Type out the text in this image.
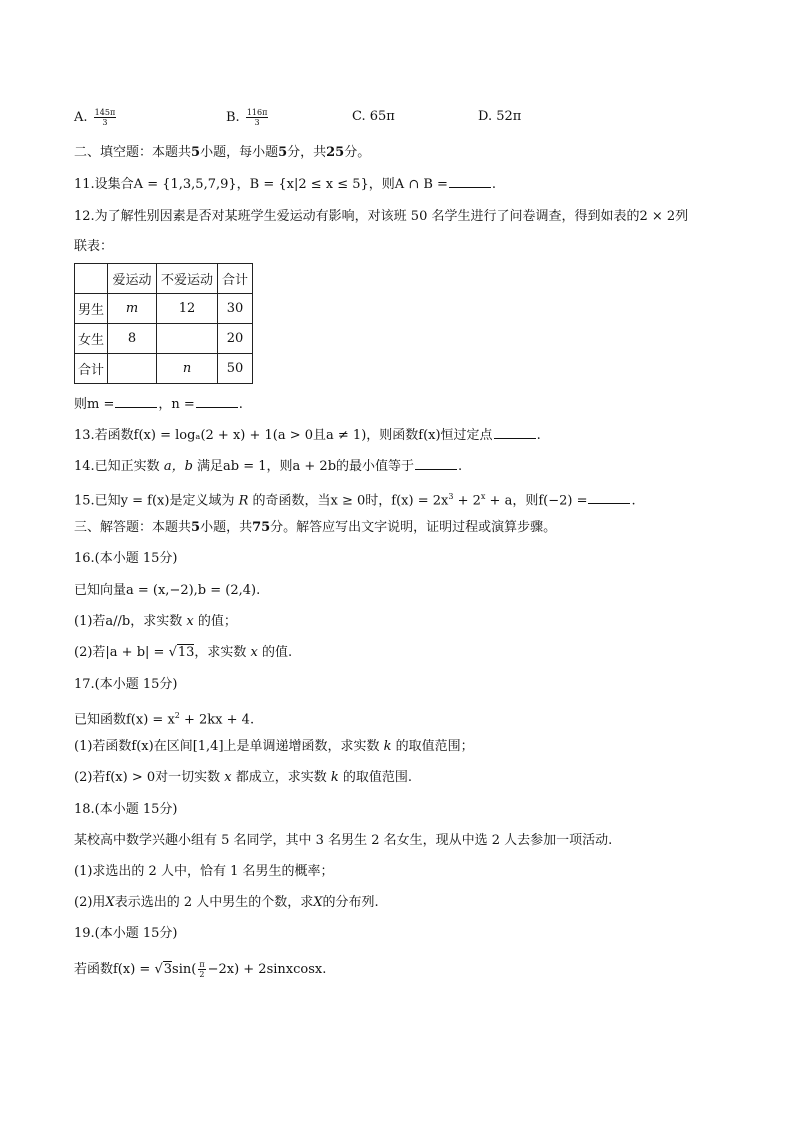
A. $\frac{145\pi}{3}$	B. $\frac{116\pi}{3}$	C. 65π	D. 52π
二、填空题：本题共5小题，每小题5分，共25分。
11.设集合A = {1,3,5,7,9}，B = {x|2 ≤ x ≤ 5}，则A ∩ B =	.
12.为了解性别因素是否对某班学生爱运动有影响，对该班 50 名学生进行了问卷调查，得到如表的2 × 2列
联表：
	爱运动	不爱运动	合计
男生	m	12	30
女生	8		20
合计		n	50
则m =	，n =	.
13.若函数f(x) = logₐ(2 + x) + 1(a > 0且a ≠ 1)，则函数f(x)恒过定点	.
14.已知正实数 a，b 满足ab = 1，则a + 2b的最小值等于	.
15.已知y = f(x)是定义域为 R 的奇函数，当x ≥ 0时，$f(x) = 2x^3 + 2^x + a$，则f(−2) =	.
三、解答题：本题共5小题，共75分。解答应写出文字说明，证明过程或演算步骤。
16.(本小题 15分)
已知向量a = (x,−2),b = (2,4).
(1)若a//b，求实数 x 的值；
(2)若|a + b| = √13，求实数 x 的值.
17.(本小题 15分)
已知函数$f(x) = x^2 + 2kx + 4$.
(1)若函数f(x)在区间[1,4]上是单调递增函数，求实数 k 的取值范围；
(2)若f(x) > 0对一切实数 x 都成立，求实数 k 的取值范围.
18.(本小题 15分)
某校高中数学兴趣小组有 5 名同学，其中 3 名男生 2 名女生，现从中选 2 人去参加一项活动.
(1)求选出的 2 人中，恰有 1 名男生的概率；
(2)用X表示选出的 2 人中男生的个数，求X的分布列.
19.(本小题 15分)
若函数$f(x) = √3\sin( \frac{\pi}{2} -2x)$ + 2sinxcosx.
